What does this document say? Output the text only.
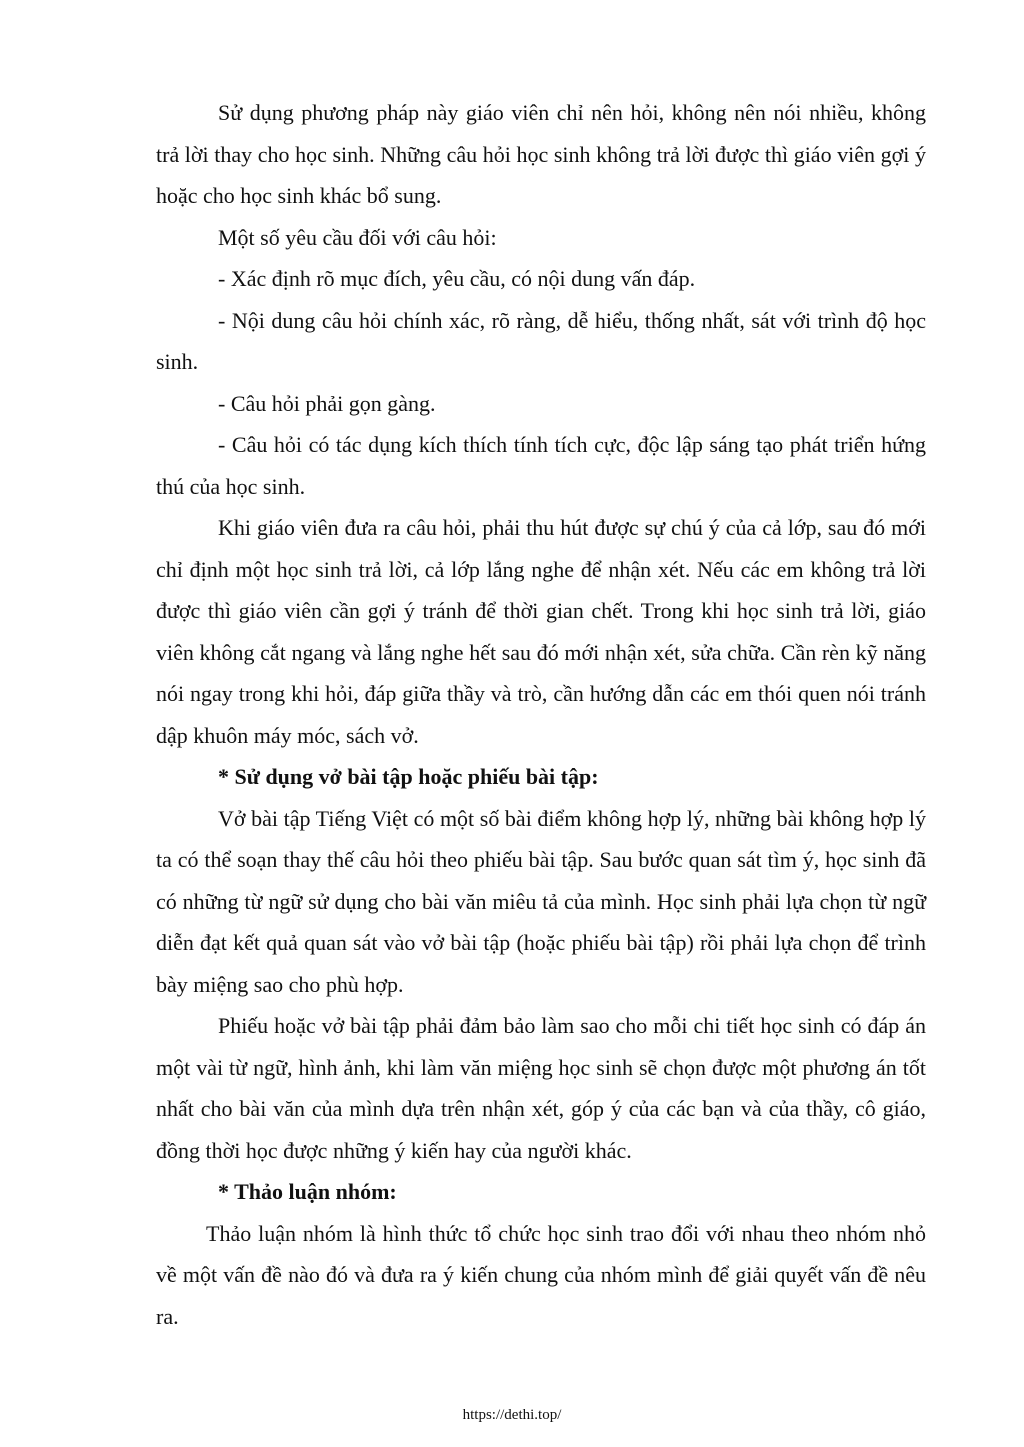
Sử dụng phương pháp này giáo viên chỉ nên hỏi, không nên nói nhiều, không trả lời thay cho học sinh. Những câu hỏi học sinh không trả lời được thì giáo viên gợi ý hoặc cho học sinh khác bổ sung.

Một số yêu cầu đối với câu hỏi:

- Xác định rõ mục đích, yêu cầu, có nội dung vấn đáp.

- Nội dung câu hỏi chính xác, rõ ràng, dễ hiểu, thống nhất, sát với trình độ học sinh.

- Câu hỏi phải gọn gàng.

- Câu hỏi có tác dụng kích thích tính tích cực, độc lập sáng tạo phát triển hứng thú của học sinh.

Khi giáo viên đưa ra câu hỏi, phải thu hút được sự chú ý của cả lớp, sau đó mới chỉ định một học sinh trả lời, cả lớp lắng nghe để nhận xét. Nếu các em không trả lời được thì giáo viên cần gợi ý tránh để thời gian chết. Trong khi học sinh trả lời, giáo viên không cắt ngang và lắng nghe hết sau đó mới nhận xét, sửa chữa. Cần rèn kỹ năng nói ngay trong khi hỏi, đáp giữa thầy và trò, cần hướng dẫn các em thói quen nói tránh dập khuôn máy móc, sách vở.

* Sử dụng vở bài tập hoặc phiếu bài tập:

Vở bài tập Tiếng Việt có một số bài điểm không hợp lý, những bài không hợp lý ta có thể soạn thay thế câu hỏi theo phiếu bài tập. Sau bước quan sát tìm ý, học sinh đã có những từ ngữ sử dụng cho bài văn miêu tả của mình. Học sinh phải lựa chọn từ ngữ diễn đạt kết quả quan sát vào vở bài tập (hoặc phiếu bài tập) rồi phải lựa chọn để trình bày miệng sao cho phù hợp.

Phiếu hoặc vở bài tập phải đảm bảo làm sao cho mỗi chi tiết học sinh có đáp án một vài từ ngữ, hình ảnh, khi làm văn miệng học sinh sẽ chọn được một phương án tốt nhất cho bài văn của mình dựa trên nhận xét, góp ý của các bạn và của thầy, cô giáo, đồng thời học được những ý kiến hay của người khác.

* Thảo luận nhóm:

Thảo luận nhóm là hình thức tổ chức học sinh trao đổi với nhau theo nhóm nhỏ về một vấn đề nào đó và đưa ra ý kiến chung của nhóm mình để giải quyết vấn đề nêu ra.

https://dethi.top/
